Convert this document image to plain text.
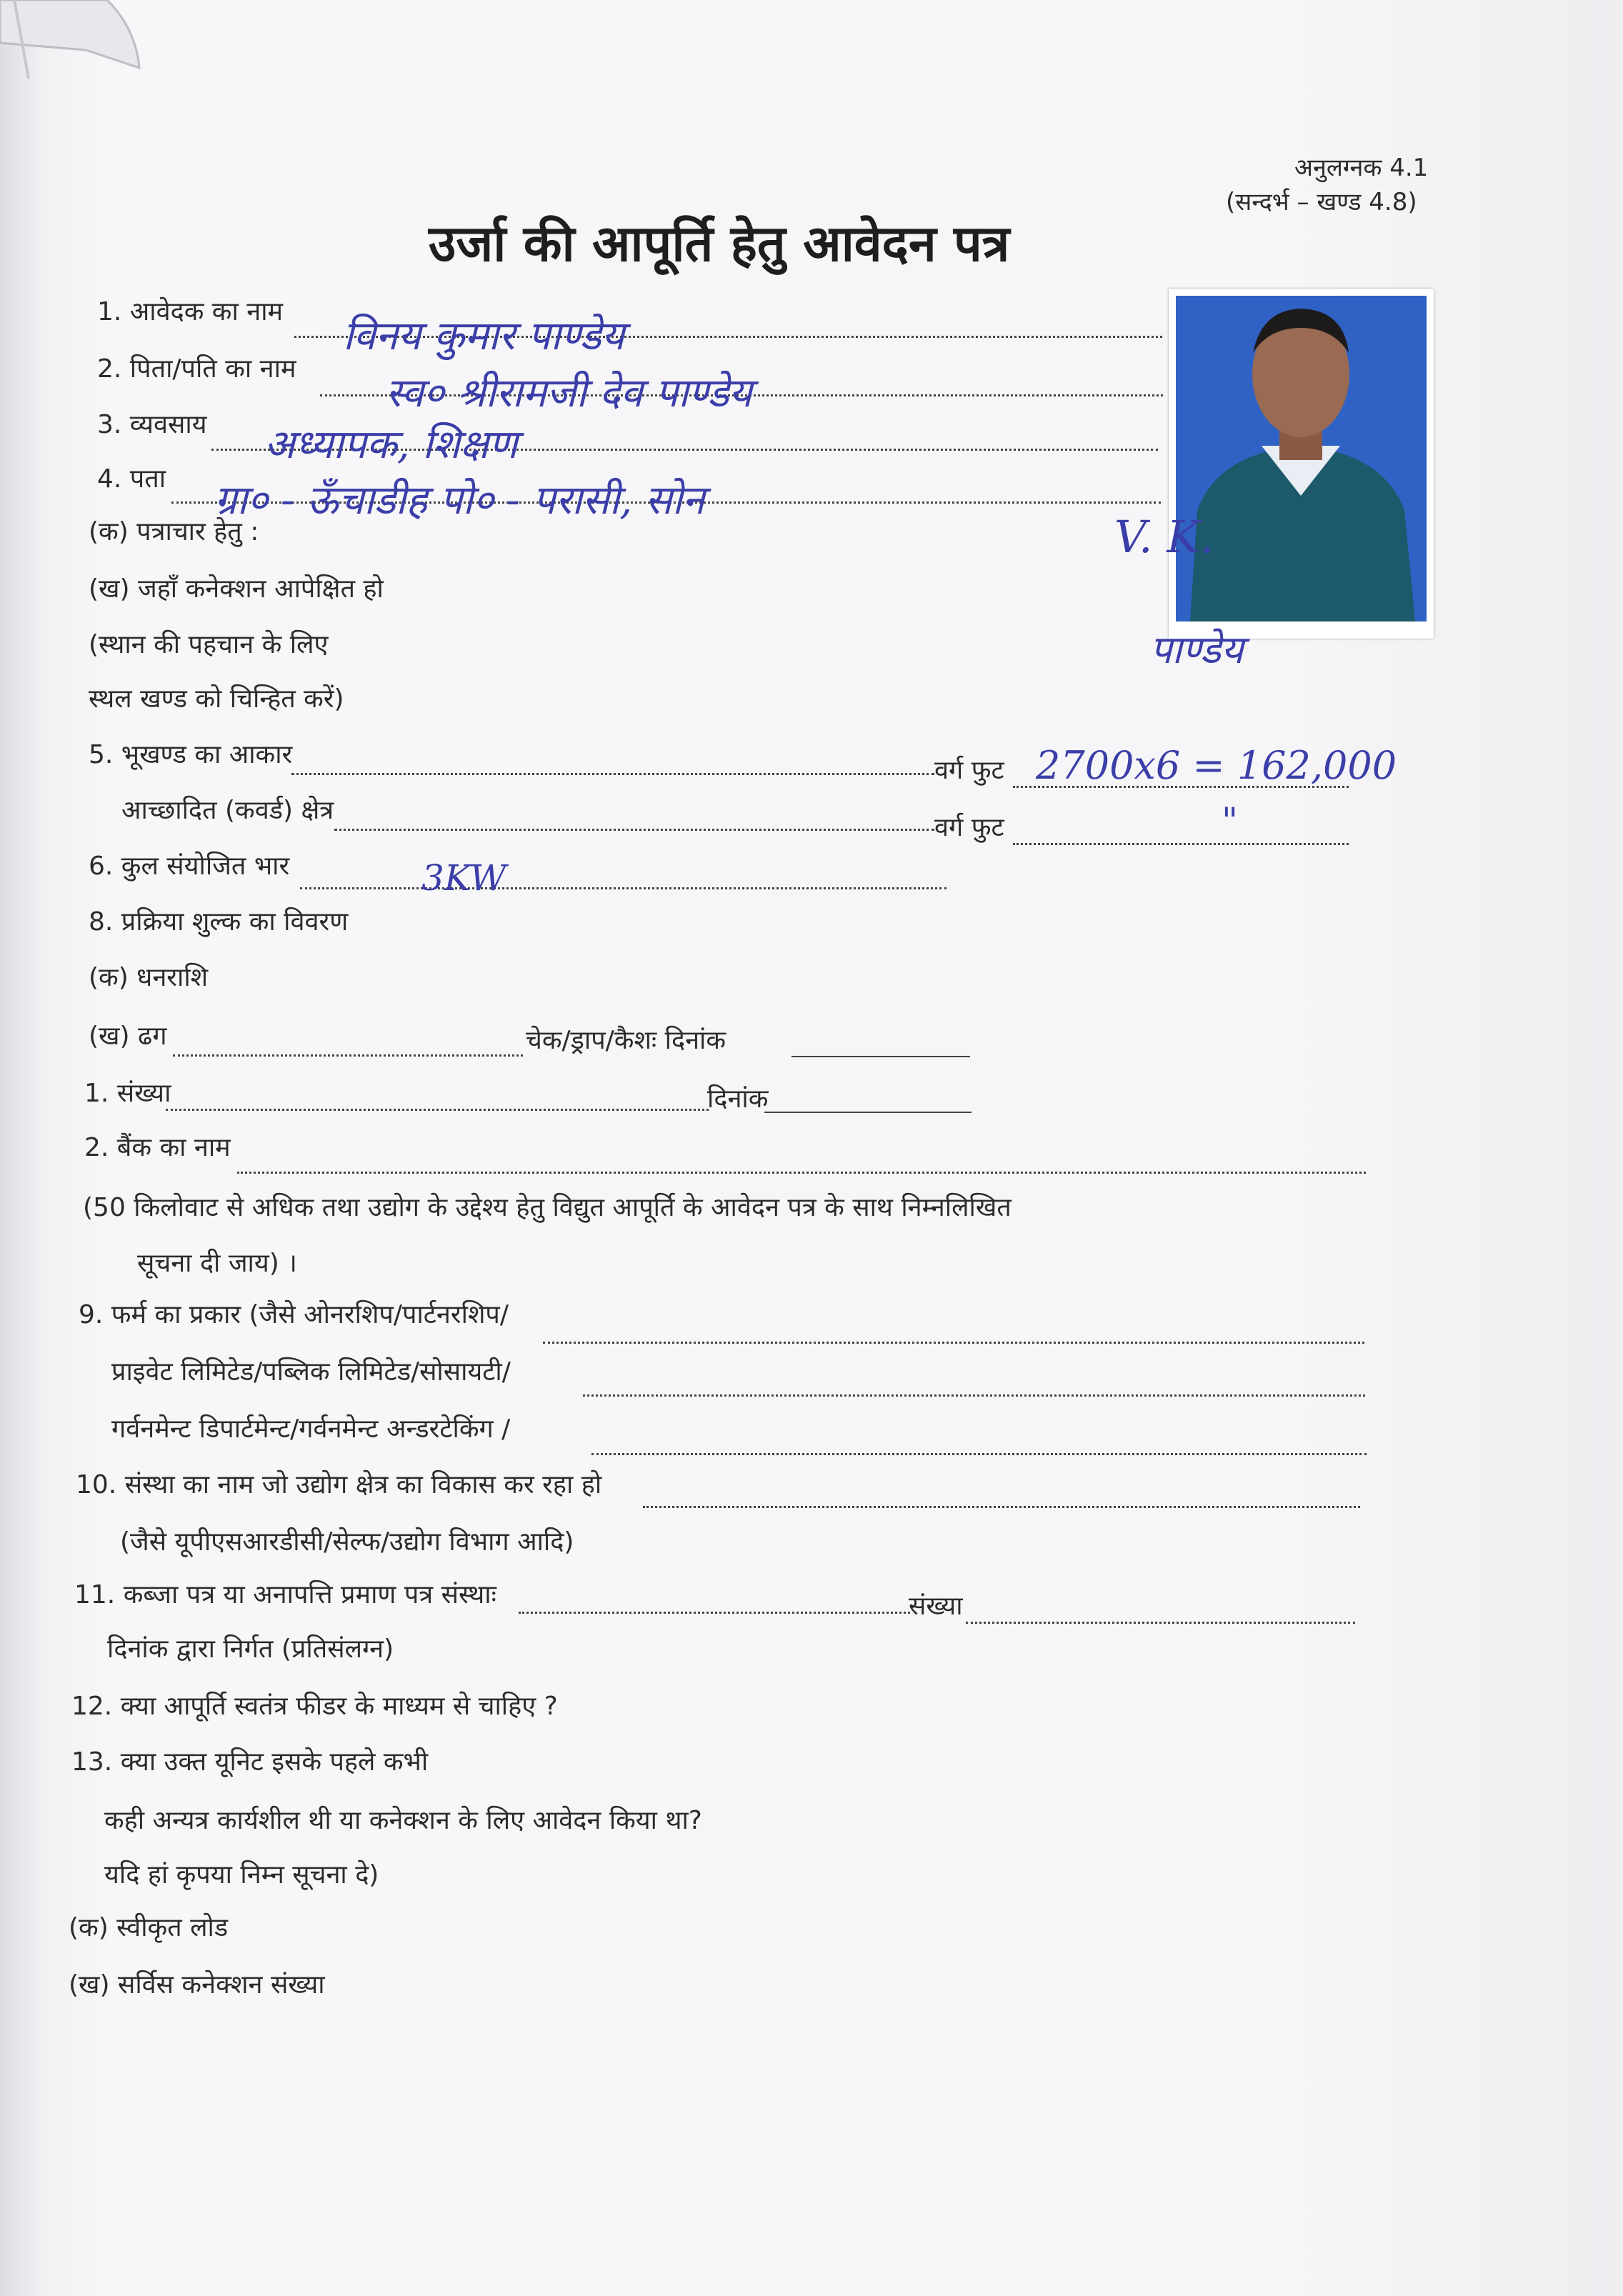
अनुलग्नक 4.1
(सन्दर्भ – खण्ड 4.8)
उर्जा की आपूर्ति हेतु आवेदन पत्र
V. K.
पाण्डेय
1. आवेदक का नाम
विनय कुमार पाण्डेय
2. पिता/पति का नाम
स्व० श्रीरामजी देव पाण्डेय
3. व्यवसाय अध्यापक, शिक्षण
4. पता ग्रा० - ऊँचाडीह पो० - परासी, सोन
(क) पत्राचार हेतु :
(ख) जहाँ कनेक्शन आपेक्षित हो
(स्थान की पहचान के लिए
स्थल खण्ड को चिन्हित करें)
5. भूखण्ड का आकार
वर्ग फुट 2700x6 = 162,000
आच्छादित (कवर्ड) क्षेत्र
वर्ग फुट	"
6. कुल संयोजित भार	3KW
8. प्रक्रिया शुल्क का विवरण
(क) धनराशि
(ख) ढग	चेक/ड्राप/कैशः दिनांक
1. संख्या	दिनांक
2. बैंक का नाम
(50 किलोवाट से अधिक तथा उद्योग के उद्देश्य हेतु विद्युत आपूर्ति के आवेदन पत्र के साथ निम्नलिखित
सूचना दी जाय) ।
9. फर्म का प्रकार (जैसे ओनरशिप/पार्टनरशिप/
प्राइवेट लिमिटेड/पब्लिक लिमिटेड/सोसायटी/
गर्वनमेन्ट डिपार्टमेन्ट/गर्वनमेन्ट अन्डरटेकिंग /
10. संस्था का नाम जो उद्योग क्षेत्र का विकास कर रहा हो
(जैसे यूपीएसआरडीसी/सेल्फ/उद्योग विभाग आदि)
11. कब्जा पत्र या अनापत्ति प्रमाण पत्र संस्थाः	संख्या
दिनांक द्वारा निर्गत (प्रतिसंलग्न)
12. क्या आपूर्ति स्वतंत्र फीडर के माध्यम से चाहिए ?
13. क्या उक्त यूनिट इसके पहले कभी
कही अन्यत्र कार्यशील थी या कनेक्शन के लिए आवेदन किया था?
यदि हां कृपया निम्न सूचना दे)
(क) स्वीकृत लोड
(ख) सर्विस कनेक्शन संख्या
